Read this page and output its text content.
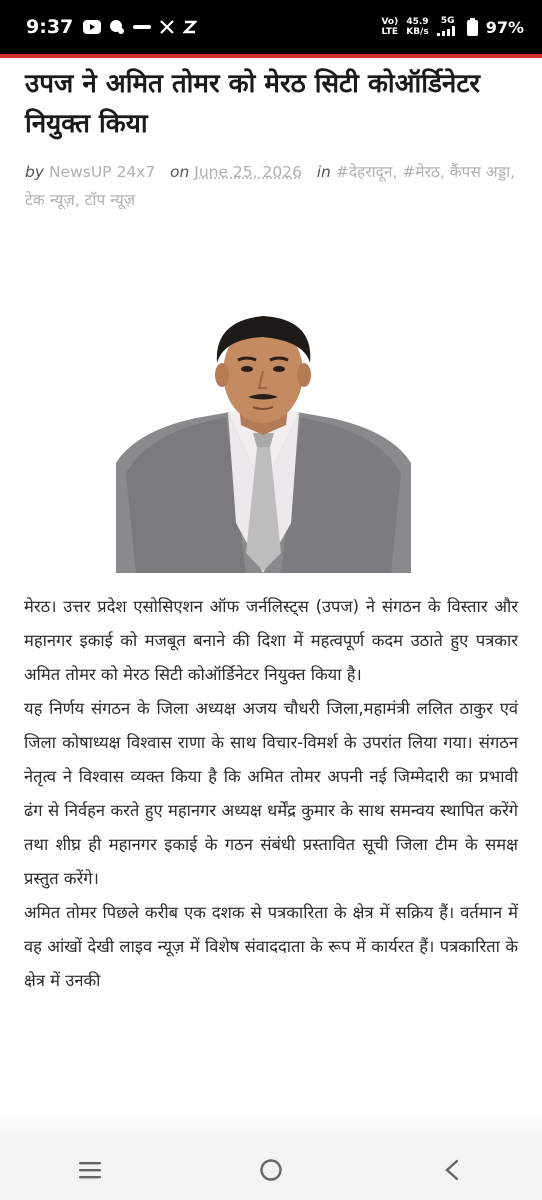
9:37	Vo)
LTE
45.9
KB/s
5G 97%
उपज ने अमित तोमर को मेरठ सिटी कोऑर्डिनेटर नियुक्त किया
by NewsUP 24x7 on June 25, 2026 in #देहरादून, #मेरठ, कैंपस अड्डा, टेक न्यूज़, टॉप न्यूज़

मेरठ। उत्तर प्रदेश एसोसिएशन ऑफ जर्नलिस्ट्स (उपज) ने संगठन के विस्तार और महानगर इकाई को मजबूत बनाने की दिशा में महत्वपूर्ण कदम उठाते हुए पत्रकार अमित तोमर को मेरठ सिटी कोऑर्डिनेटर नियुक्त किया है।

यह निर्णय संगठन के जिला अध्यक्ष अजय चौधरी जिला,महामंत्री ललित ठाकुर एवं जिला कोषाध्यक्ष विश्वास राणा के साथ विचार-विमर्श के उपरांत लिया गया। संगठन नेतृत्व ने विश्वास व्यक्त किया है कि अमित तोमर अपनी नई जिम्मेदारी का प्रभावी ढंग से निर्वहन करते हुए महानगर अध्यक्ष धर्मेंद्र कुमार के साथ समन्वय स्थापित करेंगे तथा शीघ्र ही महानगर इकाई के गठन संबंधी प्रस्तावित सूची जिला टीम के समक्ष प्रस्तुत करेंगे।

अमित तोमर पिछले करीब एक दशक से पत्रकारिता के क्षेत्र में सक्रिय हैं। वर्तमान में वह आंखों देखी लाइव न्यूज़ में विशेष संवाददाता के रूप में कार्यरत हैं। पत्रकारिता के क्षेत्र में उनकी
